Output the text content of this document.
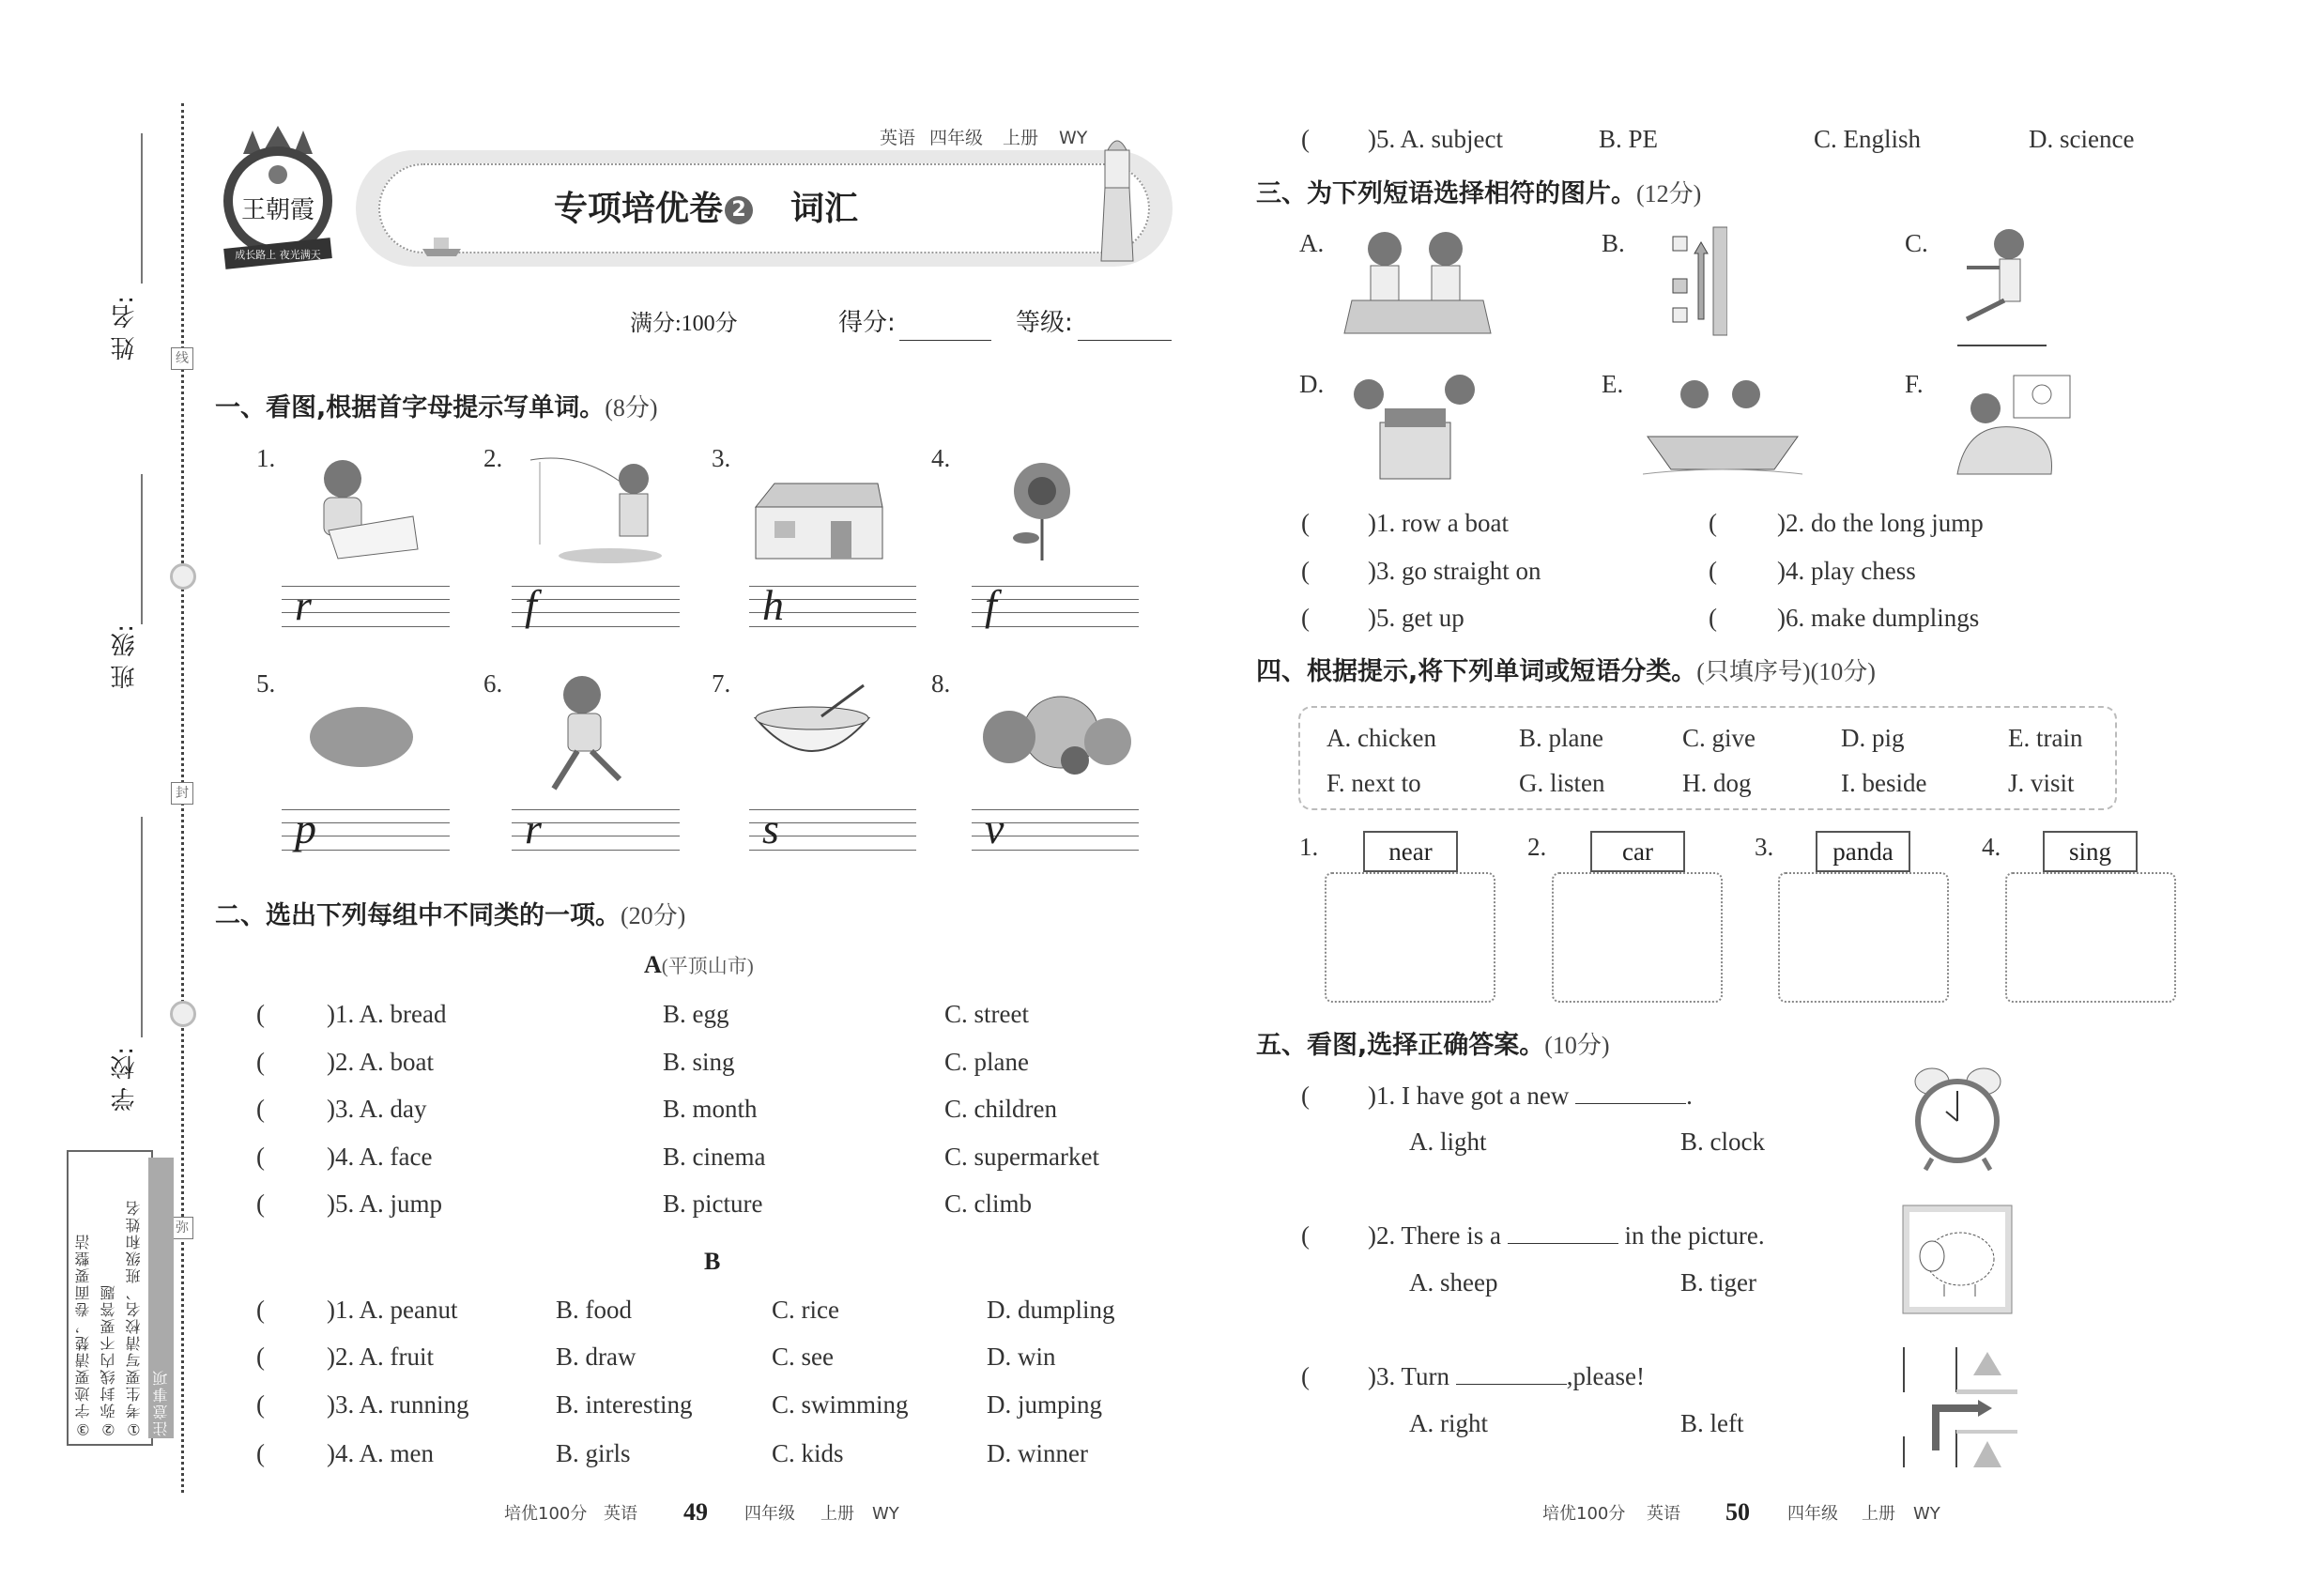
姓 名:
班 级:
学 校:
线
封
弥
注意事项
①考生要写清校名、班级和姓名
②弥封线内不要答题
③字迹要清楚，卷面要整洁
王朝霞
成长路上 夜光满天
英语 四年级 上册 WY
专项培优卷 2 词汇
满分:100分	得分:	等级:
一、看图,根据首字母提示写单词。(8分)
1.	2.	3.	4.
r	f	h	f
5.	6.	7.	8.
p	r	s	v
二、选出下列每组中不同类的一项。(20分)
A(平顶山市)
( )1. A. bread	B. egg	C. street
( )2. A. boat	B. sing	C. plane
( )3. A. day	B. month	C. children
( )4. A. face	B. cinema	C. supermarket
( )5. A. jump	B. picture	C. climb
B
( )1. A. peanut	B. food	C. rice	D. dumpling
( )2. A. fruit	B. draw	C. see	D. win
( )3. A. running	B. interesting	C. swimming	D. jumping
( )4. A. men	B. girls	C. kids	D. winner
( )5. A. subject	B. PE	C. English	D. science
三、为下列短语选择相符的图片。(12分)
A.	B.	C.
D.	E.	F.
( )1. row a boat	( )2. do the long jump
( )3. go straight on	( )4. play chess
( )5. get up	( )6. make dumplings
四、根据提示,将下列单词或短语分类。(只填序号)(10分)
A. chicken	B. plane	C. give	D. pig	E. train
F. next to	G. listen	H. dog	I. beside	J. visit
1.	near	2.	car	3.	panda	4.	sing
五、看图,选择正确答案。(10分)
( )1. I have got a new	.
A. light	B. clock
( )2. There is a	in the picture.
A. sheep	B. tiger
( )3. Turn	,please!
A. right	B. left
培优100分 英语 49 四年级 上册 WY	培优100分 英语 50 四年级 上册 WY
